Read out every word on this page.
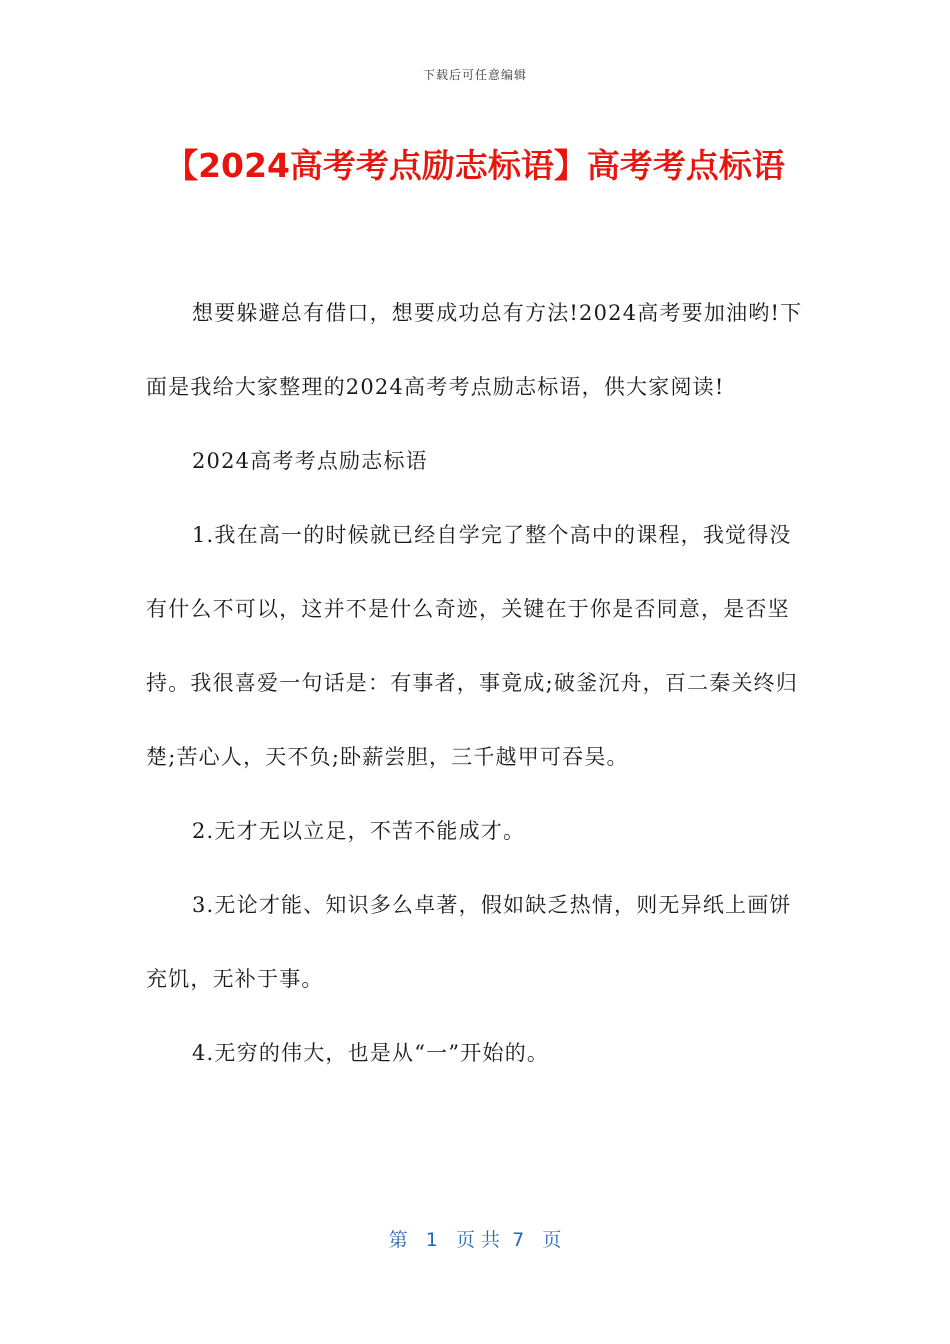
下载后可任意编辑
【2024高考考点励志标语】高考考点标语

想要躲避总有借口，想要成功总有方法!2024高考要加油哟!下面是我给大家整理的2024高考考点励志标语，供大家阅读!

2024高考考点励志标语

1.我在高一的时候就已经自学完了整个高中的课程，我觉得没有什么不可以，这并不是什么奇迹，关键在于你是否同意，是否坚持。我很喜爱一句话是：有事者，事竟成;破釜沉舟，百二秦关终归楚;苦心人，天不负;卧薪尝胆，三千越甲可吞吴。

2.无才无以立足，不苦不能成才。

3.无论才能、知识多么卓著，假如缺乏热情，则无异纸上画饼充饥，无补于事。

4.无穷的伟大，也是从“一”开始的。

第 1 页 共 7 页
